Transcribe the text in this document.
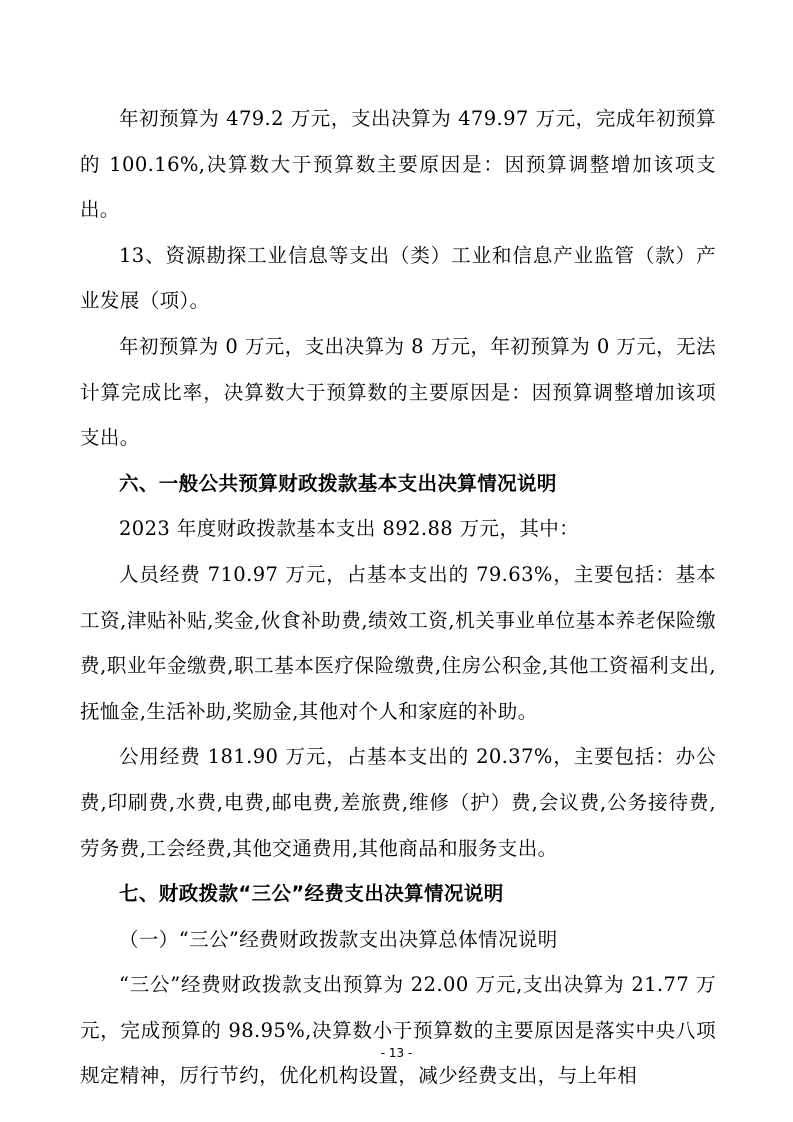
年初预算为 479.2 万元，支出决算为 479.97 万元，完成年初预算的 100.16%,决算数大于预算数主要原因是：因预算调整增加该项支出。

13、资源勘探工业信息等支出（类）工业和信息产业监管（款）产业发展（项）。

年初预算为 0 万元，支出决算为 8 万元，年初预算为 0 万元，无法计算完成比率，决算数大于预算数的主要原因是：因预算调整增加该项支出。

六、一般公共预算财政拨款基本支出决算情况说明

2023 年度财政拨款基本支出 892.88 万元，其中：

人员经费 710.97 万元，占基本支出的 79.63%，主要包括：基本工资,津贴补贴,奖金,伙食补助费,绩效工资,机关事业单位基本养老保险缴费,职业年金缴费,职工基本医疗保险缴费,住房公积金,其他工资福利支出,抚恤金,生活补助,奖励金,其他对个人和家庭的补助。

公用经费 181.90 万元，占基本支出的 20.37%，主要包括：办公费,印刷费,水费,电费,邮电费,差旅费,维修（护）费,会议费,公务接待费,劳务费,工会经费,其他交通费用,其他商品和服务支出。

七、财政拨款“三公”经费支出决算情况说明

（一）“三公”经费财政拨款支出决算总体情况说明

“三公”经费财政拨款支出预算为 22.00 万元,支出决算为 21.77 万元，完成预算的 98.95%,决算数小于预算数的主要原因是落实中央八项规定精神，厉行节约，优化机构设置，减少经费支出，与上年相

- 13 -
